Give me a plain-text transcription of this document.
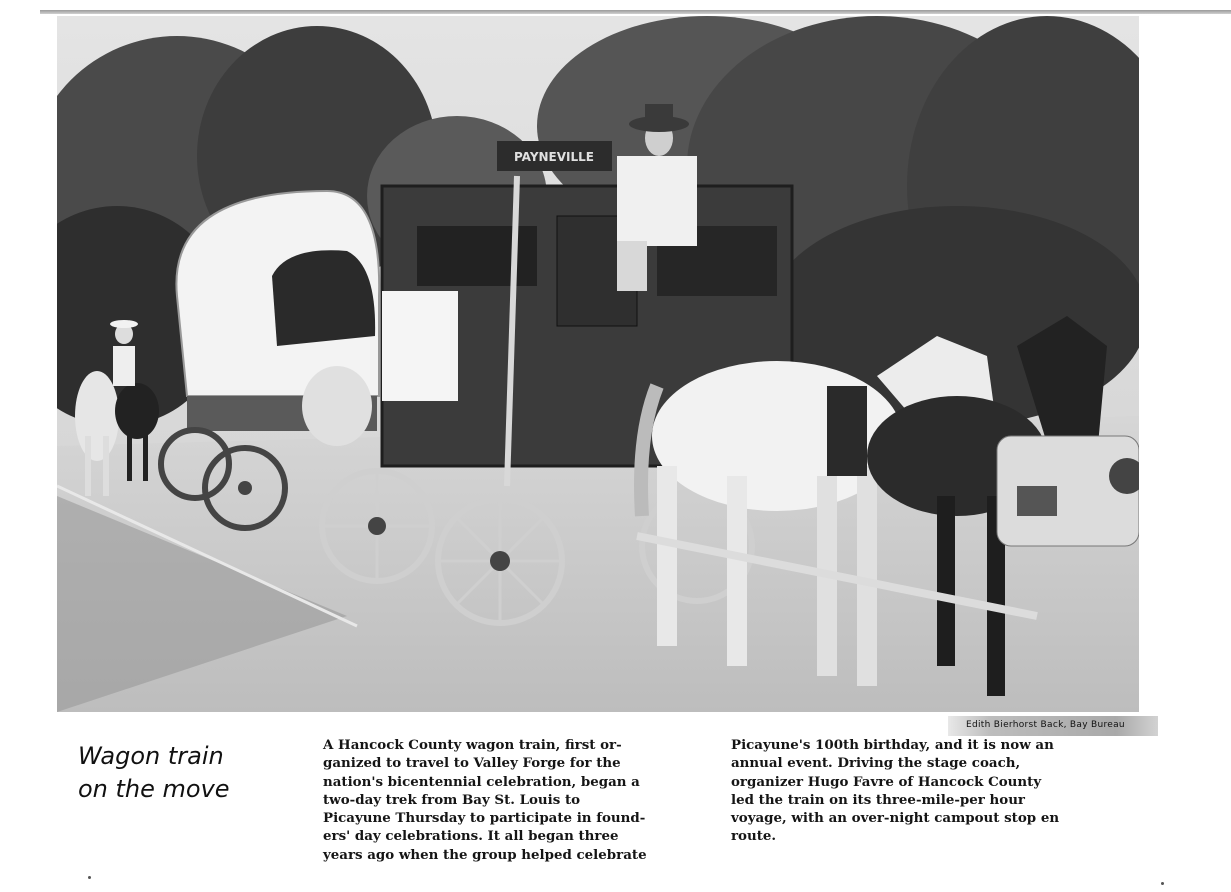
PAYNEVILLE
Edith Bierhorst Back, Bay Bureau
Wagon train
on the move

A Hancock County wagon train, first or-
ganized to travel to Valley Forge for the
nation's bicentennial celebration, began a
two-day trek from Bay St. Louis to
Picayune Thursday to participate in found-
ers' day celebrations. It all began three
years ago when the group helped celebrate

Picayune's 100th birthday, and it is now an
annual event. Driving the stage coach,
organizer Hugo Favre of Hancock County
led the train on its three-mile-per hour
voyage, with an over-night campout stop en
route.
